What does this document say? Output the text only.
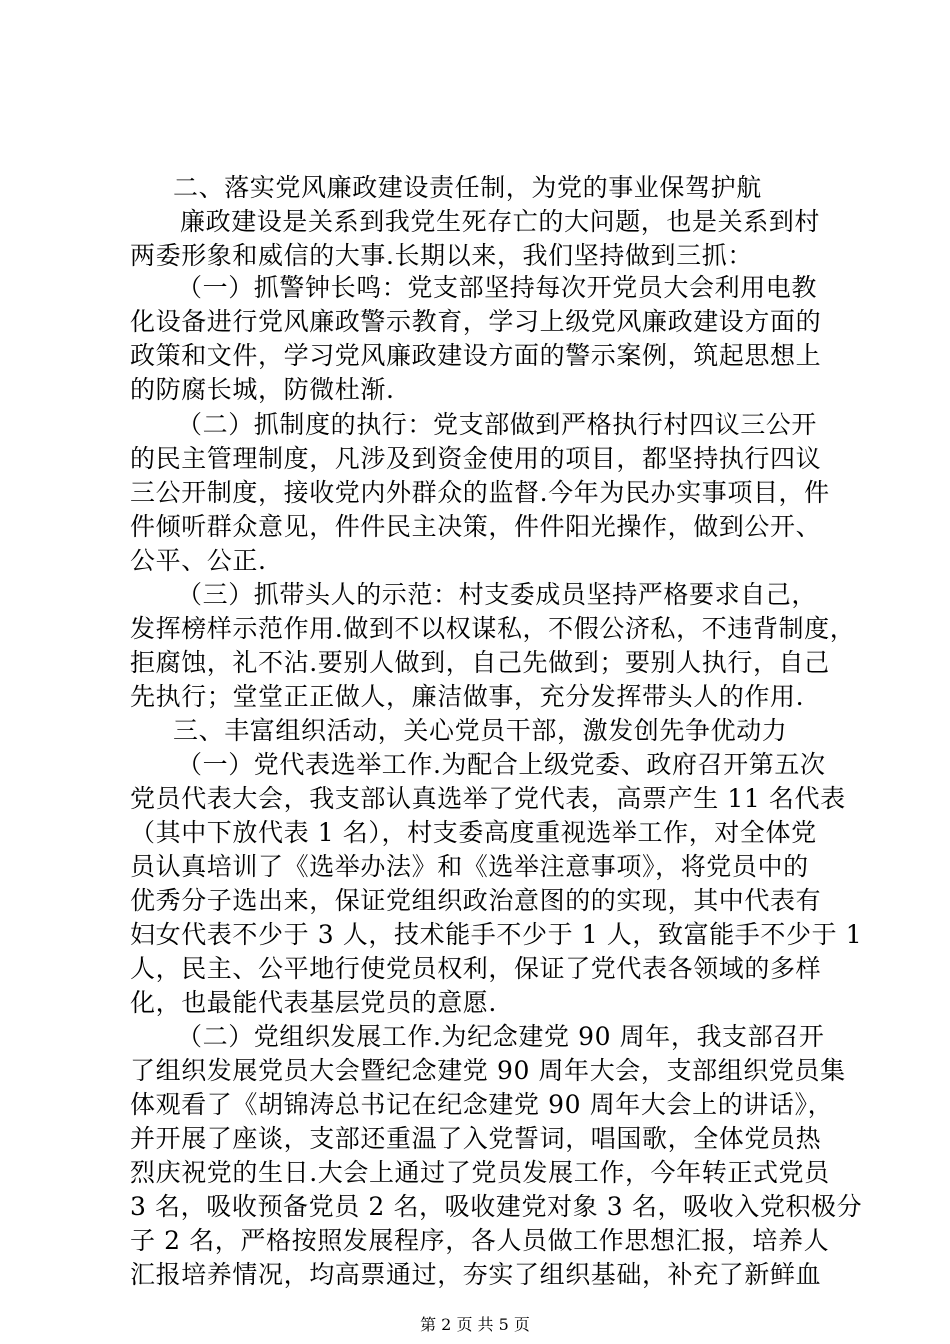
二、落实党风廉政建设责任制，为党的事业保驾护航
廉政建设是关系到我党生死存亡的大问题，也是关系到村
两委形象和威信的大事.长期以来，我们坚持做到三抓：
（一）抓警钟长鸣：党支部坚持每次开党员大会利用电教
化设备进行党风廉政警示教育，学习上级党风廉政建设方面的
政策和文件，学习党风廉政建设方面的警示案例，筑起思想上
的防腐长城，防微杜渐.
（二）抓制度的执行：党支部做到严格执行村四议三公开
的民主管理制度，凡涉及到资金使用的项目，都坚持执行四议
三公开制度，接收党内外群众的监督.今年为民办实事项目，件
件倾听群众意见，件件民主决策，件件阳光操作，做到公开、
公平、公正.
（三）抓带头人的示范：村支委成员坚持严格要求自己，
发挥榜样示范作用.做到不以权谋私，不假公济私，不违背制度，
拒腐蚀，礼不沾.要别人做到，自己先做到；要别人执行，自己
先执行；堂堂正正做人，廉洁做事，充分发挥带头人的作用.
三、丰富组织活动，关心党员干部，激发创先争优动力
（一）党代表选举工作.为配合上级党委、政府召开第五次
党员代表大会，我支部认真选举了党代表，高票产生 11 名代表
（其中下放代表 1 名），村支委高度重视选举工作，对全体党
员认真培训了《选举办法》和《选举注意事项》，将党员中的
优秀分子选出来，保证党组织政治意图的的实现，其中代表有
妇女代表不少于 3 人，技术能手不少于 1 人，致富能手不少于 1
人，民主、公平地行使党员权利，保证了党代表各领域的多样
化，也最能代表基层党员的意愿.
（二）党组织发展工作.为纪念建党 90 周年，我支部召开
了组织发展党员大会暨纪念建党 90 周年大会，支部组织党员集
体观看了《胡锦涛总书记在纪念建党 90 周年大会上的讲话》，
并开展了座谈，支部还重温了入党誓词，唱国歌，全体党员热
烈庆祝党的生日.大会上通过了党员发展工作，今年转正式党员
3 名，吸收预备党员 2 名，吸收建党对象 3 名，吸收入党积极分
子 2 名，严格按照发展程序，各人员做工作思想汇报，培养人
汇报培养情况，均高票通过，夯实了组织基础，补充了新鲜血
第 2 页 共 5 页
